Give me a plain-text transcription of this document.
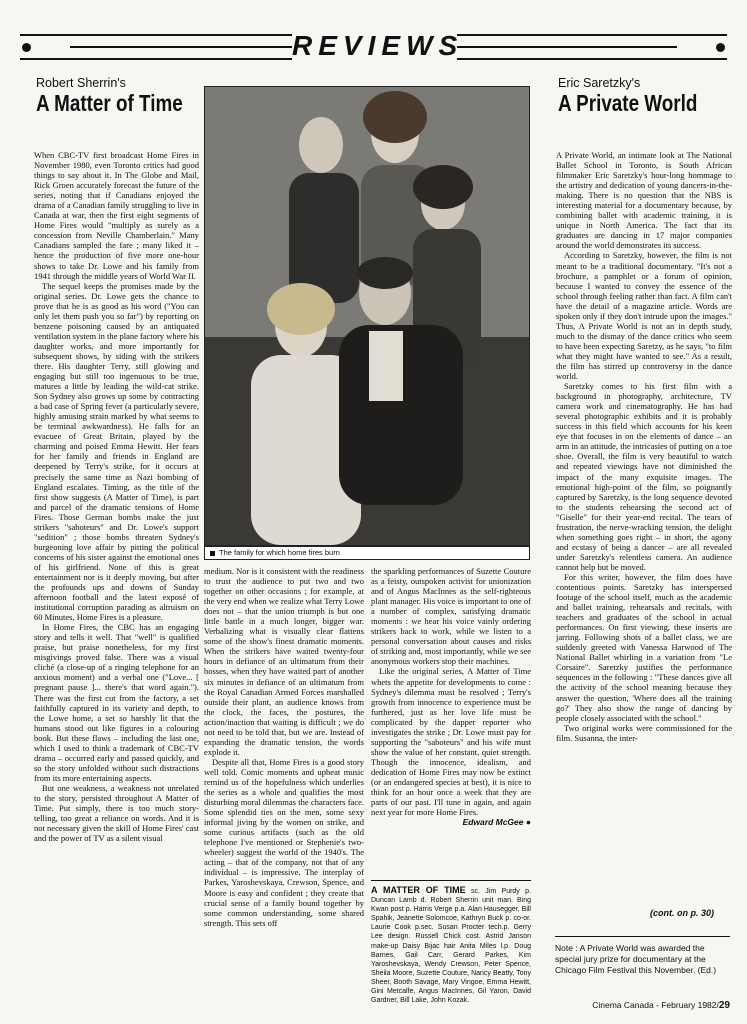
REVIEWS
Robert Sherrin's
A Matter of Time
Eric Saretzky's
A Private World
The family for which home fires burn

When CBC-TV first broadcast Home Fires in November 1980, even Toronto critics had good things to say about it. In The Globe and Mail, Rick Groen accurately forecast the future of the series, noting that if Canadians enjoyed the drama of a Canadian family struggling to live in Canada at war, then the first eight segments of Home Fires would "multiply as surely as a concession from Neville Chamberlain." Many Canadians sampled the fare ; many liked it – hence the production of five more one-hour shows to take Dr. Lowe and his family from 1941 through the middle years of World War II.

The sequel keeps the promises made by the original series. Dr. Lowe gets the chance to prove that he is as good as his word ("You can only let them push you so far") by reporting on benzene poisoning caused by an antiquated ventilation system in the plane factory where his daughter works, and more importantly for subsequent shows, by siding with the strikers there. His daughter Terry, still glowing and engaging but still too ingenuous to be true, matures a little by leading the wild-cat strike. Son Sydney also grows up some by contracting a bad case of Spring fever (a particularly severe, highly amusing strain marked by what seems to be terminal awkwardness). He falls for an evacuee of Great Britain, played by the charming and poised Emma Hewitt. Her fears for her family and friends in England are deepened by Terry's strike, for it occurs at precisely the same time as Nazi bombing of England escalates. Timing, as the title of the first show suggests (A Matter of Time), is part and parcel of the dramatic tensions of Home Fires. Those German bombs make the just strikers "saboteurs" and Dr. Lowe's support "sedition" ; those bombs threaten Sydney's burgeoning love affair by pitting the political concerns of his sister against the emotional ones of his girlfriend. None of this is great entertainment nor is it deeply moving, but after the profounds ups and downs of Sunday afternoon football and the latest exposé of institutional corruption parading as altruism on 60 Minutes, Home Fires is a pleasure.

In Home Fires, the CBC has an engaging story and tells it well. That "well" is qualified praise, but praise nonetheless, for my first misgivings proved false. There was a visual cliché (a close-up of a ringing telephone for an anxious moment) and a verbal one ("Love... [ pregnant pause ]... there's that word again."). There was the first cut from the factory, a set faithfully captured in its variety and depth, to the Lowe home, a set so harshly lit that the humans stood out like figures in a colouring book. But these flaws – including the last one, which I used to think a trademark of CBC-TV drama – occurred early and passed quickly, and so the story unfolded without such distractions from its more entertaining aspects.

But one weakness, a weakness not unrelated to the story, persisted throughout A Matter of Time. Put simply, there is too much story-telling, too great a reliance on words. And it is not necessary given the skill of Home Fires' cast and the power of TV as a silent visual

medium. Nor is it consistent with the readiness to trust the audience to put two and two together on other occasions ; for example, at the very end when we realize what Terry Lowe does not – that the union triumph is but one little battle in a much longer, bigger war. Verbalizing what is visually clear flattens some of the show's finest dramatic moments. When the strikers have waited twenty-four hours in defiance of an ultimatum from their bosses, when they have waited part of another six minutes in defiance of an ultimatum from the Royal Canadian Armed Forces marshalled outside their plant, an audience knows from the clock, the faces, the postures, the action/inaction that waiting is difficult ; we do not need to be told that, but we are. Instead of expanding the dramatic tension, the words explode it.

Despite all that, Home Fires is a good story well told. Comic moments and upbeat music remind us of the hopefulness which underlies the series as a whole and qualifies the most disturbing moral dilemmas the characters face. Some splendid ties on the men, some sexy informal jiving by the women on strike, and some curious artifacts (such as the old telephone I've mentioned or Stephenie's two-wheeler) suggest the world of the 1940's. The acting – that of the company, not that of any individual – is impressive. The interplay of Parkes, Yaroshevskaya, Crewson, Spence, and Moore is easy and confident ; they create that crucial sense of a family bound together by some common understanding, some shared strength. This sets off

the sparkling performances of Suzette Couture as a feisty, outspoken activist for unionization and of Angus MacInnes as the self-righteous plant manager. His voice is important to one of a number of complex, satisfying dramatic moments : we hear his voice vainly ordering strikers back to work, while we listen to a personal conversation about causes and risks of striking and, most importantly, while we see anonymous workers stop their machines.

Like the original series, A Matter of Time whets the appetite for developments to come : Sydney's dilemma must be resolved ; Terry's growth from innocence to experience must be furthered, just as her love life must be complicated by the dapper reporter who investigates the strike ; Dr. Lowe must pay for supporting the "saboteurs" and his wife must show the value of her constant, quiet strength. Though the innocence, idealism, and dedication of Home Fires may now be extinct (or an endangered species at best), it is nice to think for an hour once a week that they are parts of our past. I'll tune in again, and again next year for more Home Fires.

Edward McGee ●

A MATTER OF TIME sc. Jim Purdy p. Duncan Lamb d. Robert Sherrin unit man. Bing Kwan post p. Harris Verge p.a. Alan Hausegger, Bill Spahik, Jeanette Solomcoe, Kathryn Buck p. co-or. Laurie Cook p.sec. Susan Procter tech.p. Gerry Lee design. Russell Chick cost. Astrid Janson make-up Daisy Bijac hair Anita Miles l.p. Doug Barnes, Gail Carr, Gerard Parkes, Kim Yaroshevskaya, Wendy Crewson, Peter Spence, Sheila Moore, Suzette Couture, Nancy Beatty, Tony Sheer, Booth Savage, Mary Vingoe, Emma Hewitt, Gini Metcalfe, Angus MacInnes, Gil Yaron, David Gardner, Bill Lake, John Kozak.

A Private World, an intimate look at The National Ballet School in Toronto, is South African filmmaker Eric Saretzky's hour-long hommage to the artistry and dedication of young dancers-in-the-making. There is no question that the NBS is interesting material for a documentary because, by combining ballet with academic training, it is unique in North America. The fact that its graduates are dancing in 17 major companies around the world demonstrates its success.

According to Saretzky, however, the film is not meant to be a traditional documentary. "It's not a brochure, a pamphlet or a forum of opinion, because I wanted to convey the essence of the school through feeling rather than fact. A film can't have the detail of a magazine article. Words are spoken only if they don't intrude upon the images." Thus, A Private World is not an in depth study, much to the dismay of the dance critics who seem to have been expecting Saretzy, as he says, "to film what they might have wanted to see." As a result, the film has stirred up controversy in the dance world.

Saretzky comes to his first film with a background in photography, architecture, TV camera work and cinematography. He has had several photographic exhibits and it is probably success in this field which accounts for his keen eye that focuses in on the elements of dance – an arm in an attitude, the intricasies of putting on a toe shoe. Overall, the film is very beautiful to watch and repeated viewings have not diminished the impact of the many exquisite images. The emotional high-point of the film, so poignantly captured by Saretzky, is the long sequence devoted to the students rehearsing the second act of "Giselle" for their year-end recital. The tears of frustration, the nerve-wracking tension, the delight when something goes right – in short, the agony and ecstasy of being a dancer – are all revealed under Saretzky's relentless camera. An audience cannot help but be moved.

For this writer, however, the film does have contentious points. Saretzky has interspersed footage of the school itself, much as the academic and ballet training, rehearsals and recitals, with teachers and graduates of the school in actual performances. On first viewing, these inserts are jarring. Following shots of a ballet class, we are suddenly greeted with Vanessa Harwood of The National Ballet whirling in a variation from "Le Corsaire". Saretzky justifies the performance sequences in the following : "These dances give all the activity of the school meaning because they answer the question, 'Where does all the training go?' They also show the range of dancing by people closely associated with the school."

Two original works were commissioned for the film. Susanna, the inter-

(cont. on p. 30)
Note : A Private World was awarded the special jury prize for documentary at the Chicago Film Festival this November. (Ed.)
Cinema Canada - February 1982/29
